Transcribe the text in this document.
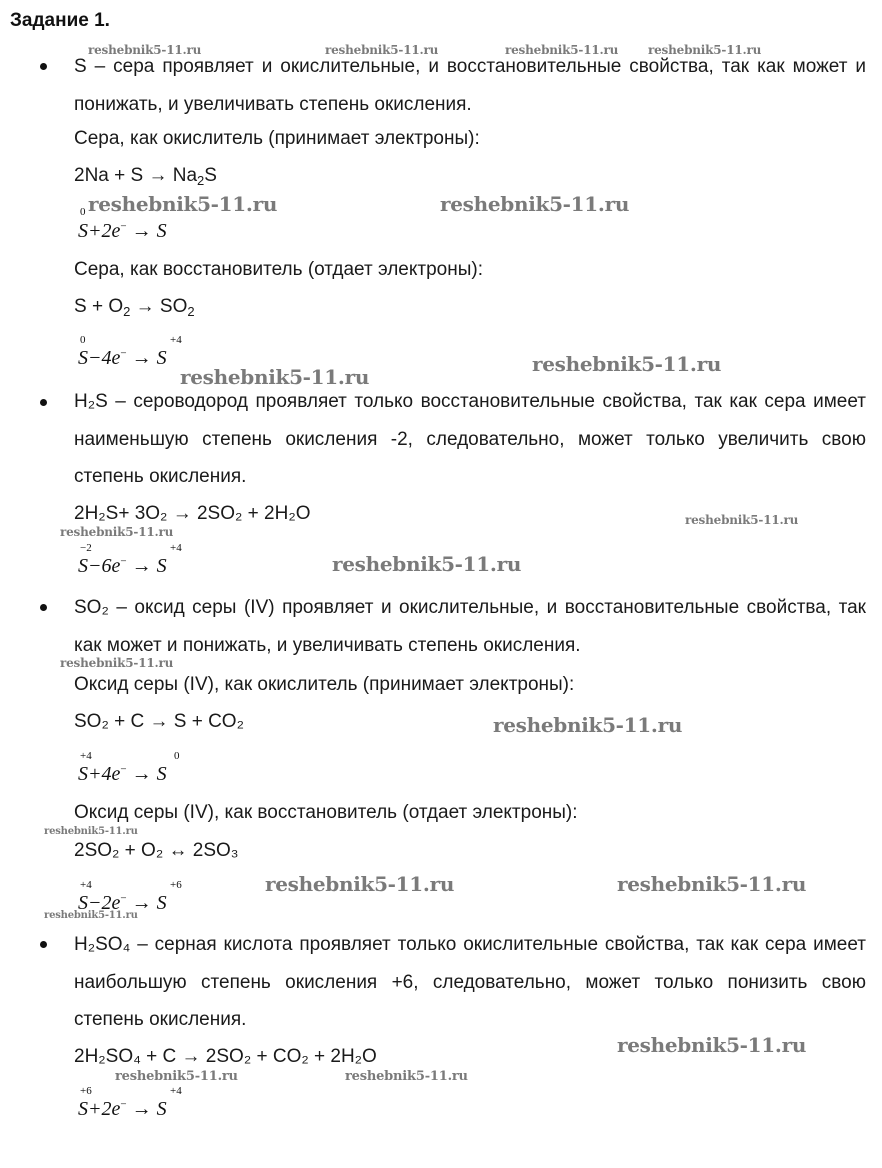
Задание 1.

S – сера проявляет и окислительные, и восстановительные свойства, так как может и понижать, и увеличивать степень окисления.

Сера, как окислитель (принимает электроны):
$2Na + S \to Na_2S$
S+2e− → S
0
Сера, как восстановитель (отдает электроны):
$S + O_2 \to SO_2$
S−4e− → S
0	+4

H₂S – сероводород проявляет только восстановительные свойства, так как сера имеет наименьшую степень окисления -2, следовательно, может только увеличить свою степень окисления.

2H₂S+ 3O₂ → 2SO₂ + 2H₂O
S−6e− → S
−2	+4

SO₂ – оксид серы (IV) проявляет и окислительные, и восстановительные свойства, так как может и понижать, и увеличивать степень окисления.

Оксид серы (IV), как окислитель (принимает электроны):
SO₂ + C → S + CO₂
S+4e− → S
+4	0
Оксид серы (IV), как восстановитель (отдает электроны):
2SO₂ + O₂ ↔ 2SO₃
S−2e− → S
+4	+6

H₂SO₄ – серная кислота проявляет только окислительные свойства, так как сера имеет наибольшую степень окисления +6, следовательно, может только понизить свою степень окисления.

2H₂SO₄ + C → 2SO₂ + CO₂ + 2H₂O
S+2e− → S
+6	+4
reshebnik5-11.ru	reshebnik5-11.ru	reshebnik5-11.ru reshebnik5-11.ru
reshebnik5-11.ru	reshebnik5-11.ru
reshebnik5-11.ru
reshebnik5-11.ru
reshebnik5-11.ru
reshebnik5-11.ru
reshebnik5-11.ru
reshebnik5-11.ru
reshebnik5-11.ru
reshebnik5-11.ru
reshebnik5-11.ru	reshebnik5-11.ru
reshebnik5-11.ru
reshebnik5-11.ru
reshebnik5-11.ru	reshebnik5-11.ru
